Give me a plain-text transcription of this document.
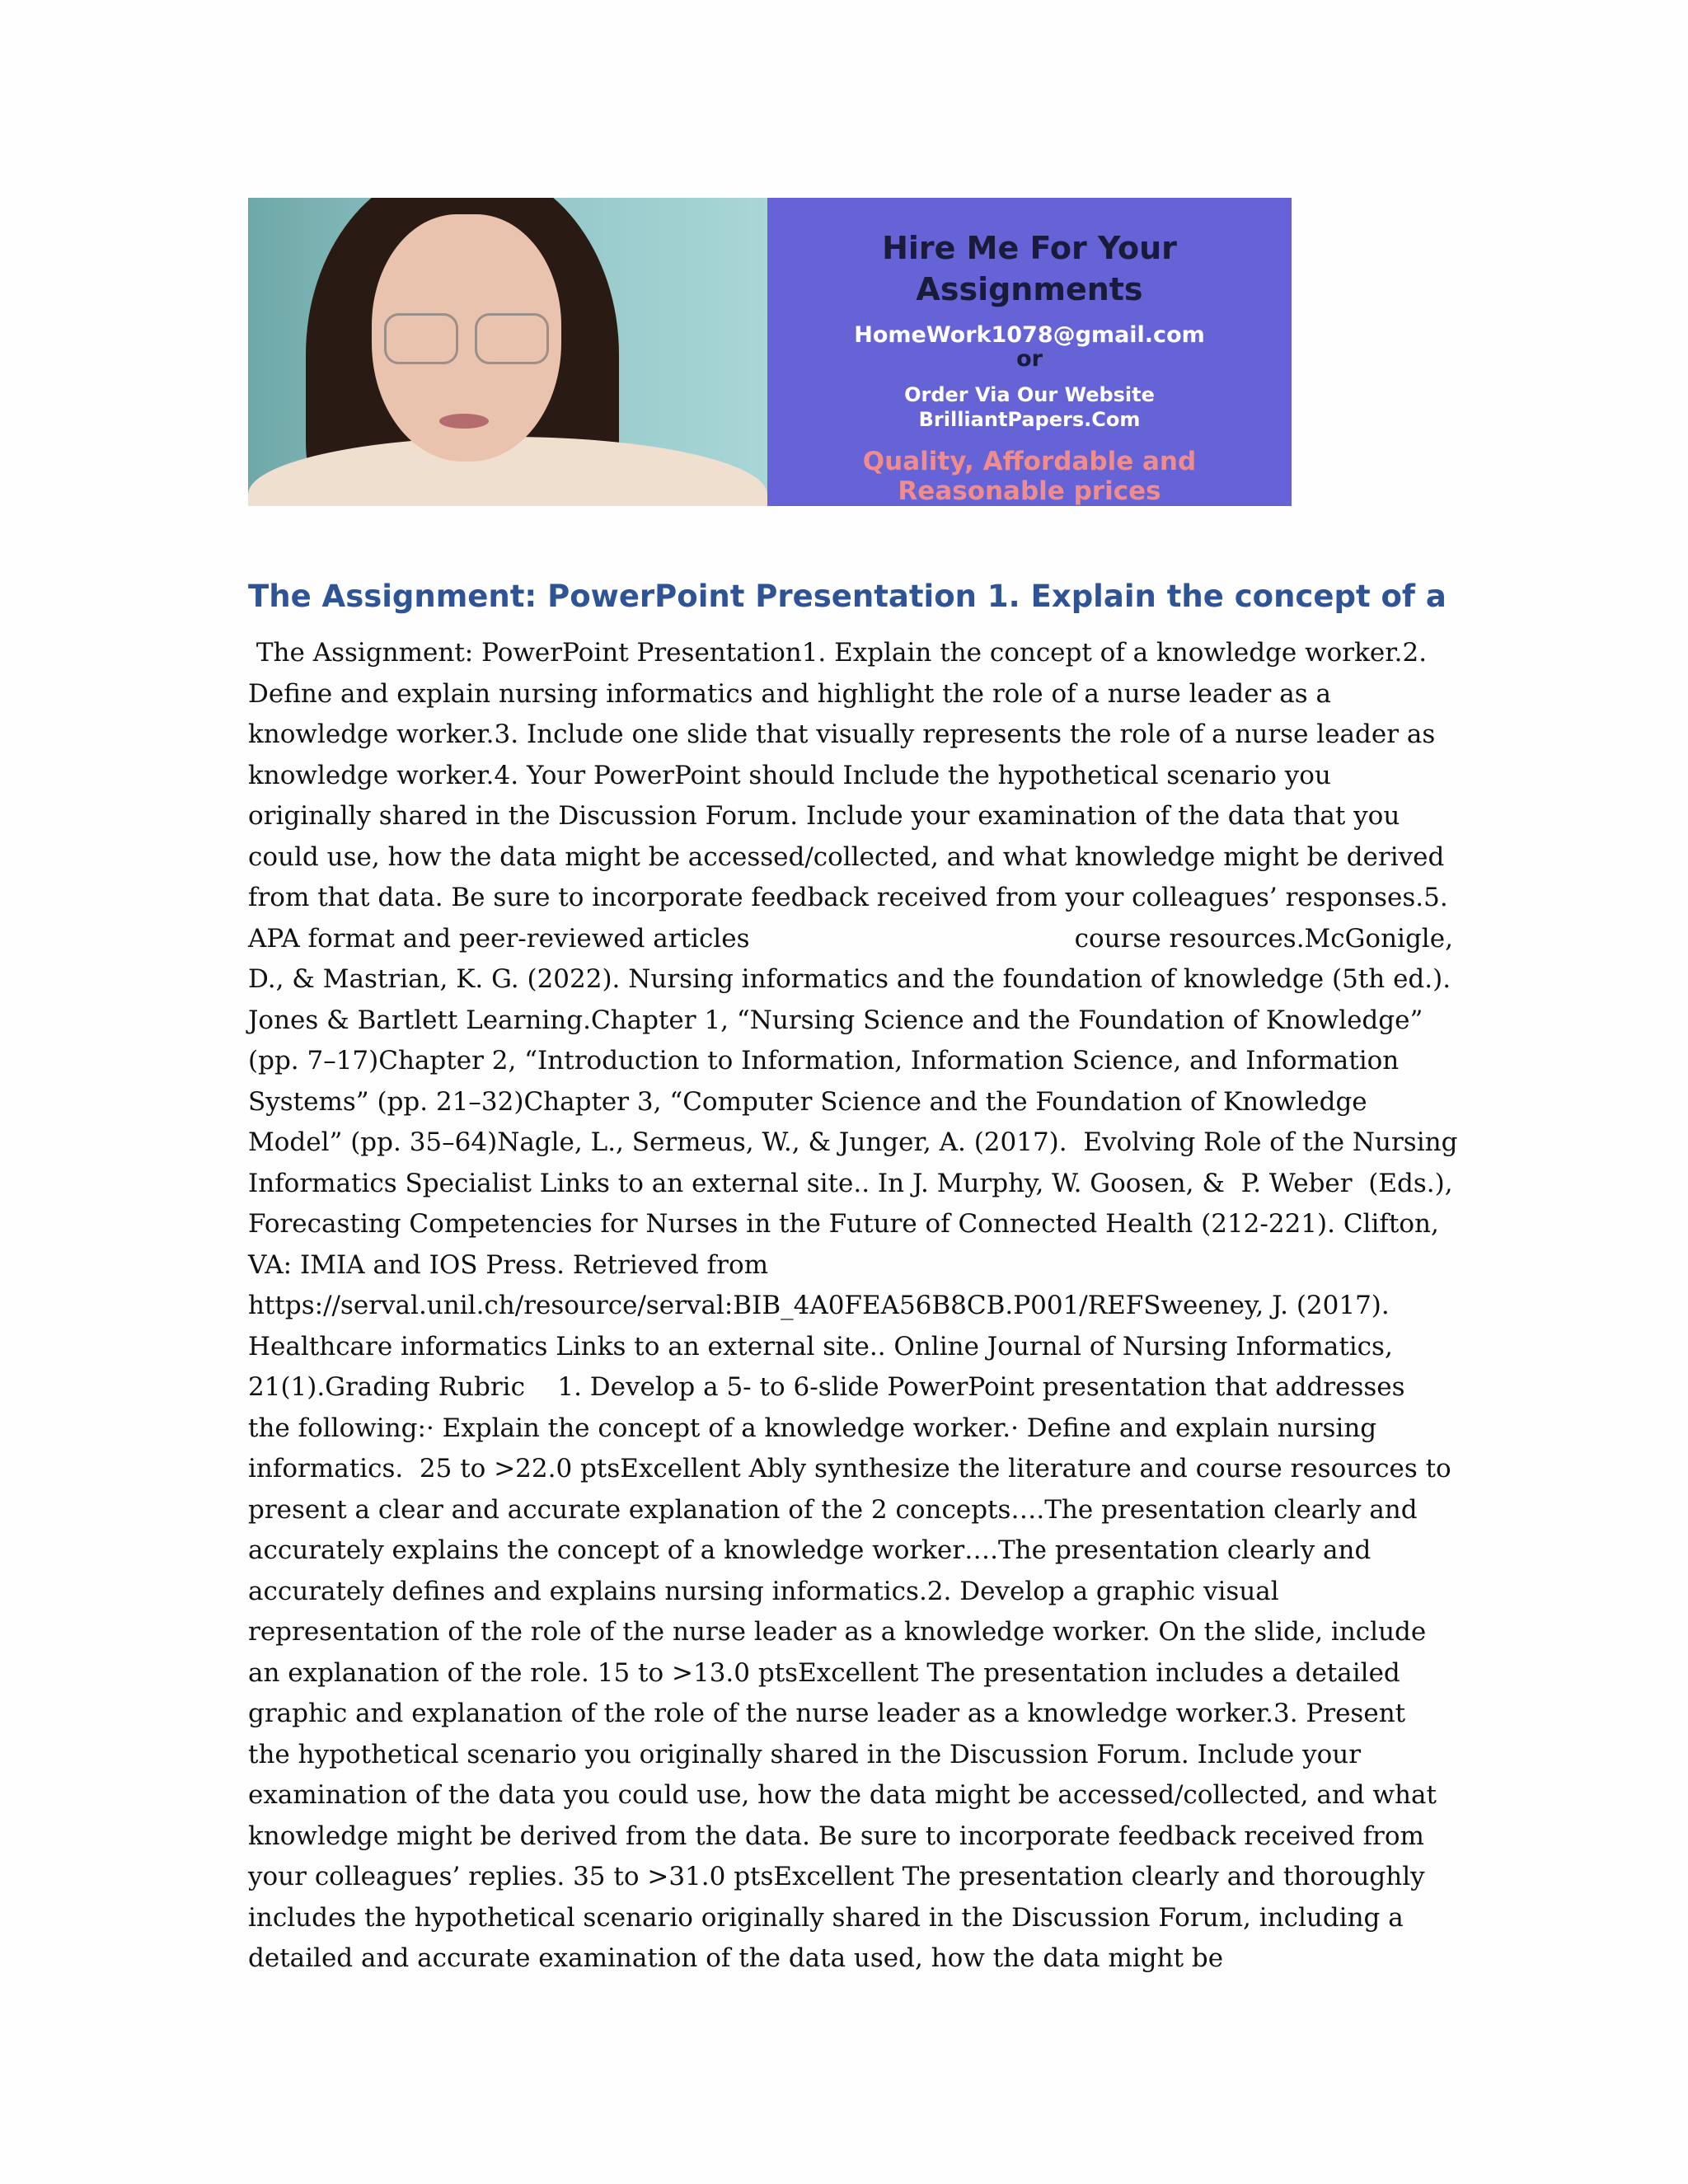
Hire Me For Your Assignments
HomeWork1078@gmail.com
or
Order Via Our Website
BrilliantPapers.Com
Quality, Affordable and
Reasonable prices
The Assignment: PowerPoint Presentation 1. Explain the concept of a
The Assignment: PowerPoint Presentation1. Explain the concept of a knowledge worker.2.
Define and explain nursing informatics and highlight the role of a nurse leader as a
knowledge worker.3. Include one slide that visually represents the role of a nurse leader as
knowledge worker.4. Your PowerPoint should Include the hypothetical scenario you
originally shared in the Discussion Forum. Include your examination of the data that you
could use, how the data might be accessed/collected, and what knowledge might be derived
from that data. Be sure to incorporate feedback received from your colleagues’ responses.5.
APA format and peer-reviewed articles                                        course resources.McGonigle,
D., & Mastrian, K. G. (2022). Nursing informatics and the foundation of knowledge (5th ed.).
Jones & Bartlett Learning.Chapter 1, “Nursing Science and the Foundation of Knowledge”
(pp. 7–17)Chapter 2, “Introduction to Information, Information Science, and Information
Systems” (pp. 21–32)Chapter 3, “Computer Science and the Foundation of Knowledge
Model” (pp. 35–64)Nagle, L., Sermeus, W., & Junger, A. (2017).  Evolving Role of the Nursing
Informatics Specialist Links to an external site.. In J. Murphy, W. Goosen, &  P. Weber  (Eds.),
Forecasting Competencies for Nurses in the Future of Connected Health (212-221). Clifton,
VA: IMIA and IOS Press. Retrieved from
https://serval.unil.ch/resource/serval:BIB_4A0FEA56B8CB.P001/REFSweeney, J. (2017).
Healthcare informatics Links to an external site.. Online Journal of Nursing Informatics,
21(1).Grading Rubric    1. Develop a 5- to 6-slide PowerPoint presentation that addresses
the following:· Explain the concept of a knowledge worker.· Define and explain nursing
informatics.  25 to >22.0 ptsExcellent Ably synthesize the literature and course resources to
present a clear and accurate explanation of the 2 concepts….The presentation clearly and
accurately explains the concept of a knowledge worker….The presentation clearly and
accurately defines and explains nursing informatics.2. Develop a graphic visual
representation of the role of the nurse leader as a knowledge worker. On the slide, include
an explanation of the role. 15 to >13.0 ptsExcellent The presentation includes a detailed
graphic and explanation of the role of the nurse leader as a knowledge worker.3. Present
the hypothetical scenario you originally shared in the Discussion Forum. Include your
examination of the data you could use, how the data might be accessed/collected, and what
knowledge might be derived from the data. Be sure to incorporate feedback received from
your colleagues’ replies. 35 to >31.0 ptsExcellent The presentation clearly and thoroughly
includes the hypothetical scenario originally shared in the Discussion Forum, including a
detailed and accurate examination of the data used, how the data might be
